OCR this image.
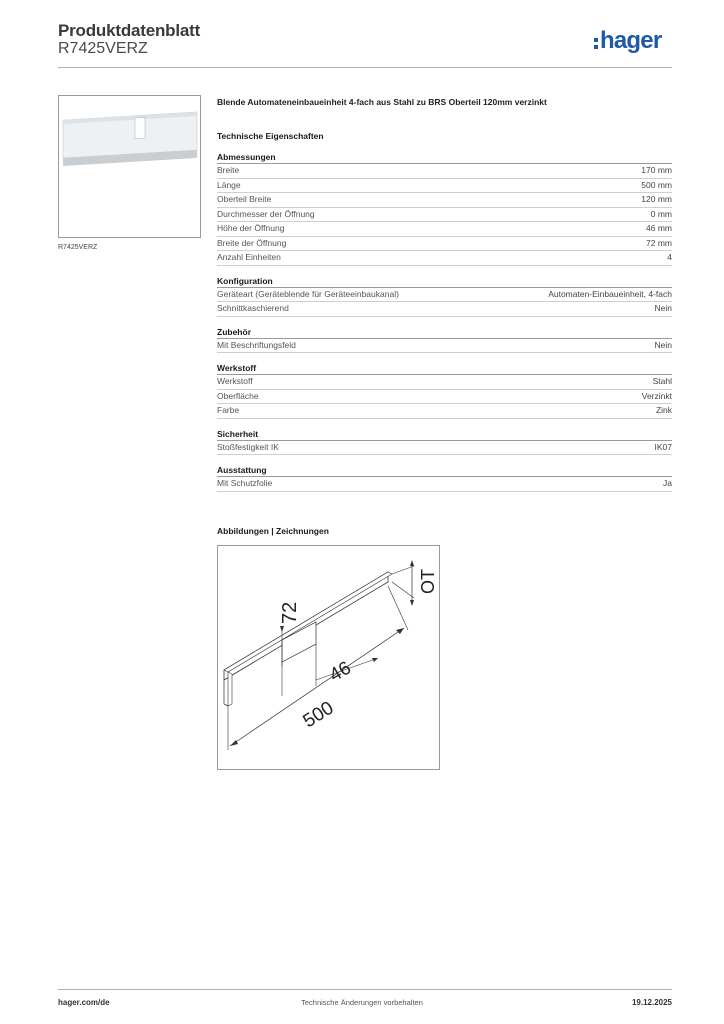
Produktdatenblatt
R7425VERZ	hager
R7425VERZ
Blende Automateneinbaueinheit 4-fach aus Stahl zu BRS Oberteil 120mm verzinkt
Technische Eigenschaften
Abmessungen
Breite	170 mm
Länge	500 mm
Oberteil Breite	120 mm
Durchmesser der Öffnung	0 mm
Höhe der Öffnung	46 mm
Breite der Öffnung	72 mm
Anzahl Einheiten	4
Konfiguration
Geräteart (Geräteblende für Geräteeinbaukanal)	Automaten-Einbaueinheit, 4-fach
Schnittkaschierend	Nein
Zubehör
Mit Beschriftungsfeld	Nein
Werkstoff
Werkstoff	Stahl
Oberfläche	Verzinkt
Farbe	Zink
Sicherheit
Stoßfestigkeit IK	IK07
Ausstattung
Mit Schutzfolie	Ja
Abbildungen | Zeichnungen
72
46
500
OT
hager.com/de	Technische Änderungen vorbehalten	19.12.2025
